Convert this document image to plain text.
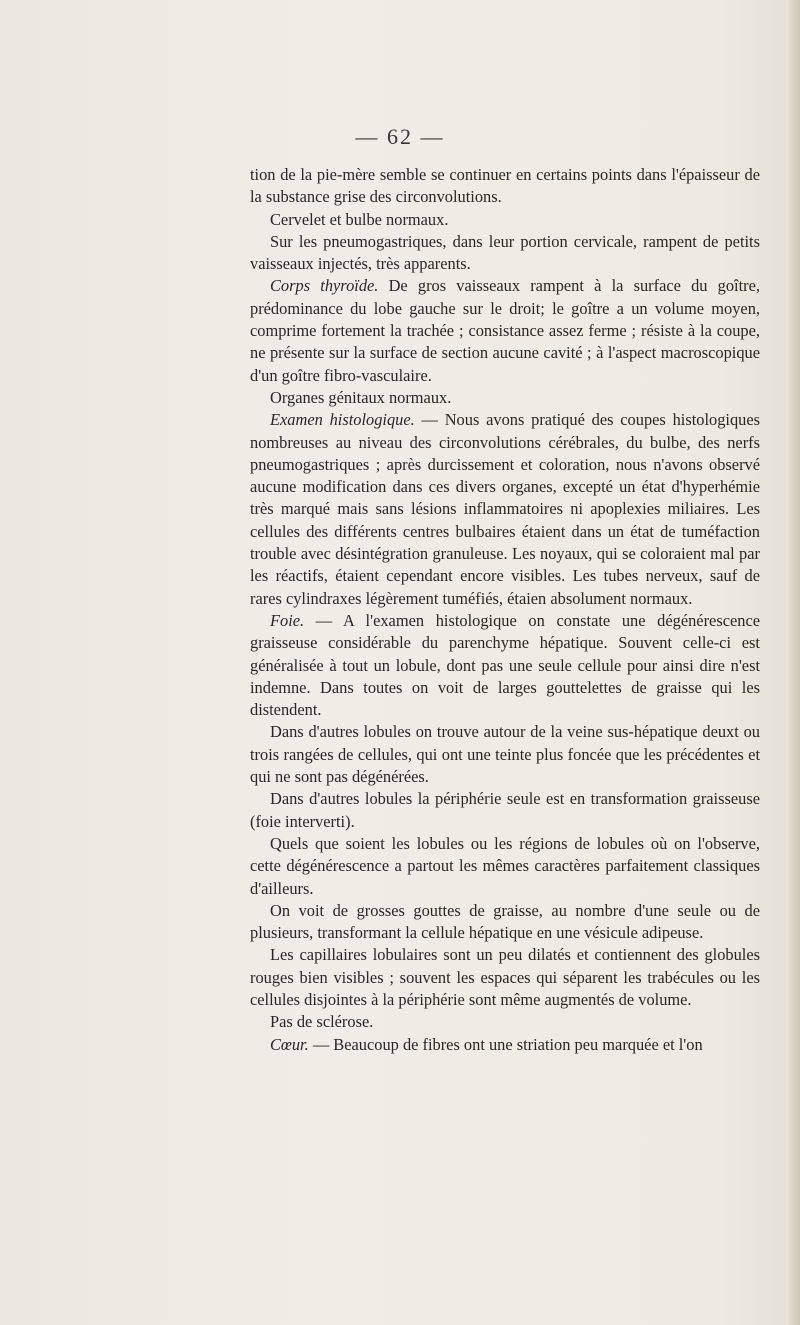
— 62 —

tion de la pie-mère semble se continuer en certains points dans l'épaisseur de la substance grise des circonvolutions.

Cervelet et bulbe normaux.

Sur les pneumogastriques, dans leur portion cervicale, rampent de petits vaisseaux injectés, très apparents.

Corps thyroïde. De gros vaisseaux rampent à la surface du goître, prédominance du lobe gauche sur le droit; le goître a un volume moyen, comprime fortement la trachée ; consistance assez ferme ; résiste à la coupe, ne présente sur la surface de section aucune cavité ; à l'aspect macroscopique d'un goître fibro-vasculaire.

Organes génitaux normaux.

Examen histologique. — Nous avons pratiqué des coupes histologiques nombreuses au niveau des circonvolutions cérébrales, du bulbe, des nerfs pneumogastriques ; après durcissement et coloration, nous n'avons observé aucune modification dans ces divers organes, excepté un état d'hyperhémie très marqué mais sans lésions inflammatoires ni apoplexies miliaires. Les cellules des différents centres bulbaires étaient dans un état de tuméfaction trouble avec désintégration granuleuse. Les noyaux, qui se coloraient mal par les réactifs, étaient cependant encore visibles. Les tubes nerveux, sauf de rares cylindraxes légèrement tuméfiés, étaien absolument normaux.

Foie. — A l'examen histologique on constate une dégénérescence graisseuse considérable du parenchyme hépatique. Souvent celle-ci est généralisée à tout un lobule, dont pas une seule cellule pour ainsi dire n'est indemne. Dans toutes on voit de larges gouttelettes de graisse qui les distendent.

Dans d'autres lobules on trouve autour de la veine sus-hépatique deuxt ou trois rangées de cellules, qui ont une teinte plus foncée que les précédentes et qui ne sont pas dégénérées.

Dans d'autres lobules la périphérie seule est en transformation graisseuse (foie interverti).

Quels que soient les lobules ou les régions de lobules où on l'observe, cette dégénérescence a partout les mêmes caractères parfaitement classiques d'ailleurs.

On voit de grosses gouttes de graisse, au nombre d'une seule ou de plusieurs, transformant la cellule hépatique en une vésicule adipeuse.

Les capillaires lobulaires sont un peu dilatés et contiennent des globules rouges bien visibles ; souvent les espaces qui séparent les trabécules ou les cellules disjointes à la périphérie sont même augmentés de volume.

Pas de sclérose.

Cœur. — Beaucoup de fibres ont une striation peu marquée et l'on
